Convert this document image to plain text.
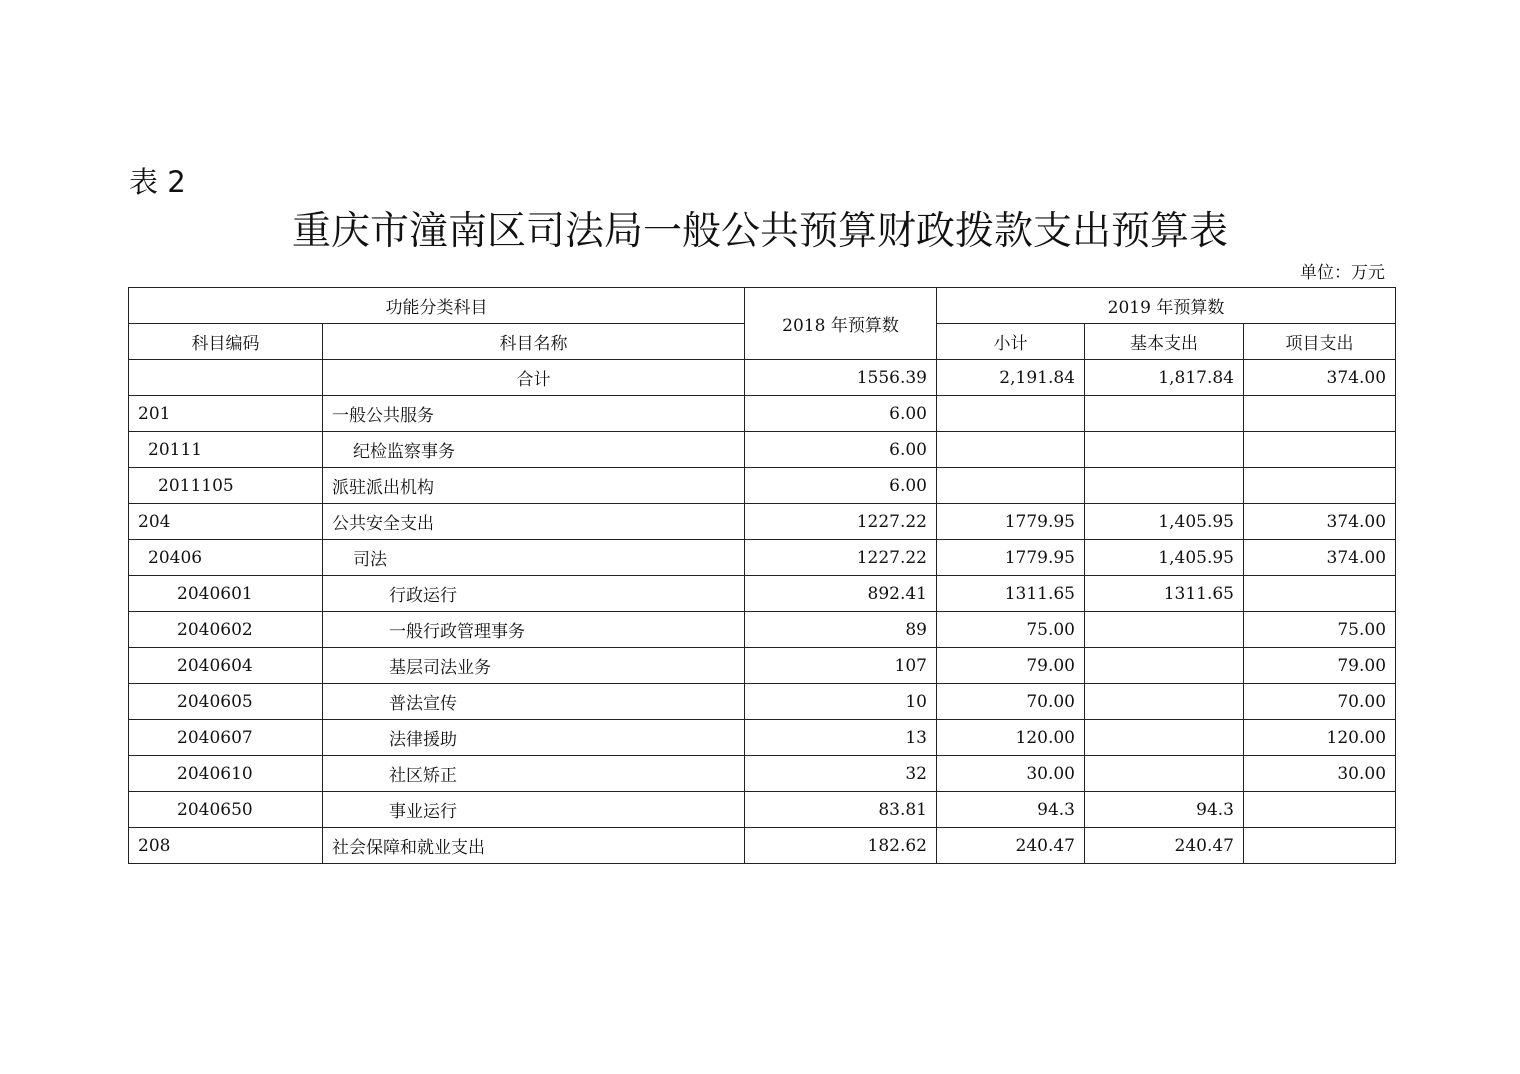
表 2
重庆市潼南区司法局一般公共预算财政拨款支出预算表
单位：万元
功能分类科目		2018 年预算数	2019 年预算数		
科目编码	科目名称		小计	基本支出	项目支出
	合计	1556.39	2,191.84	1,817.84	374.00
201	一般公共服务	6.00			
20111	纪检监察事务	6.00			
2011105	派驻派出机构	6.00			
204	公共安全支出	1227.22	1779.95	1,405.95	374.00
20406	司法	1227.22	1779.95	1,405.95	374.00
2040601	行政运行	892.41	1311.65	1311.65	
2040602	一般行政管理事务	89	75.00		75.00
2040604	基层司法业务	107	79.00		79.00
2040605	普法宣传	10	70.00		70.00
2040607	法律援助	13	120.00		120.00
2040610	社区矫正	32	30.00		30.00
2040650	事业运行	83.81	94.3	94.3	
208	社会保障和就业支出	182.62	240.47	240.47	
